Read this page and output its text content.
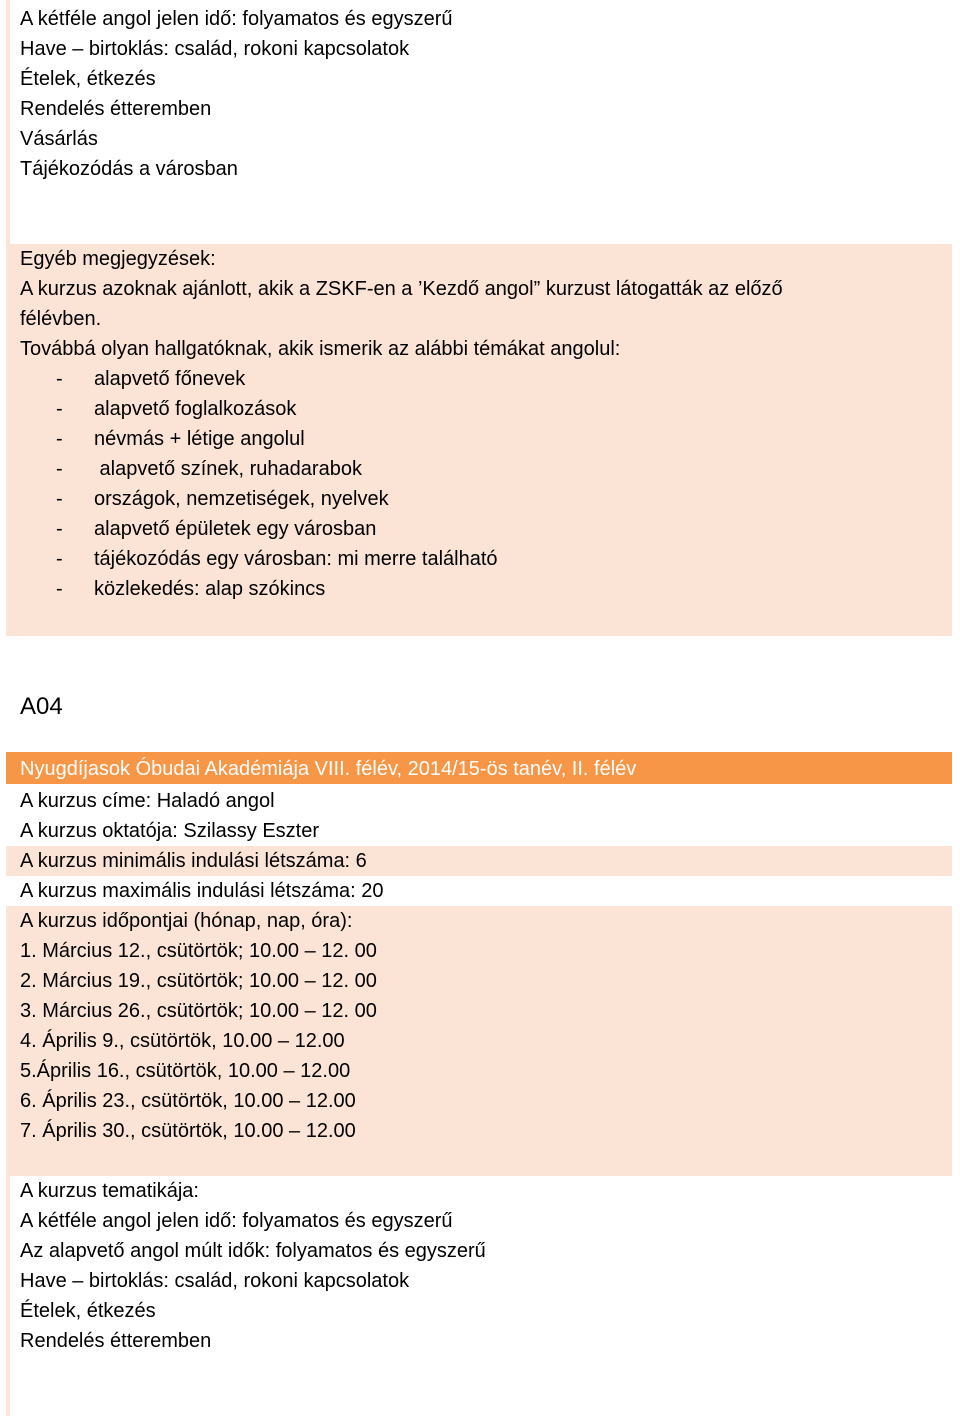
A kétféle angol jelen idő: folyamatos és egyszerű
Have – birtoklás: család, rokoni kapcsolatok
Ételek, étkezés
Rendelés étteremben
Vásárlás
Tájékozódás a városban
Egyéb megjegyzések:
A kurzus azoknak ajánlott, akik a ZSKF-en a ’Kezdő angol” kurzust látogatták az előző
félévben.
Továbbá olyan hallgatóknak, akik ismerik az alábbi témákat angolul:
- alapvető főnevek
- alapvető foglalkozások
- névmás + létige angolul
- alapvető színek, ruhadarabok
- országok, nemzetiségek, nyelvek
- alapvető épületek egy városban
- tájékozódás egy városban: mi merre található
- közlekedés: alap szókincs
A04
Nyugdíjasok Óbudai Akadémiája VIII. félév, 2014/15-ös tanév, II. félév
A kurzus címe: Haladó angol
A kurzus oktatója: Szilassy Eszter
A kurzus minimális indulási létszáma: 6
A kurzus maximális indulási létszáma: 20
A kurzus időpontjai (hónap, nap, óra):
1. Március 12., csütörtök; 10.00 – 12. 00
2. Március 19., csütörtök; 10.00 – 12. 00
3. Március 26., csütörtök; 10.00 – 12. 00
4. Április 9., csütörtök, 10.00 – 12.00
5.Április 16., csütörtök, 10.00 – 12.00
6. Április 23., csütörtök, 10.00 – 12.00
7. Április 30., csütörtök, 10.00 – 12.00
A kurzus tematikája:
A kétféle angol jelen idő: folyamatos és egyszerű
Az alapvető angol múlt idők: folyamatos és egyszerű
Have – birtoklás: család, rokoni kapcsolatok
Ételek, étkezés
Rendelés étteremben
